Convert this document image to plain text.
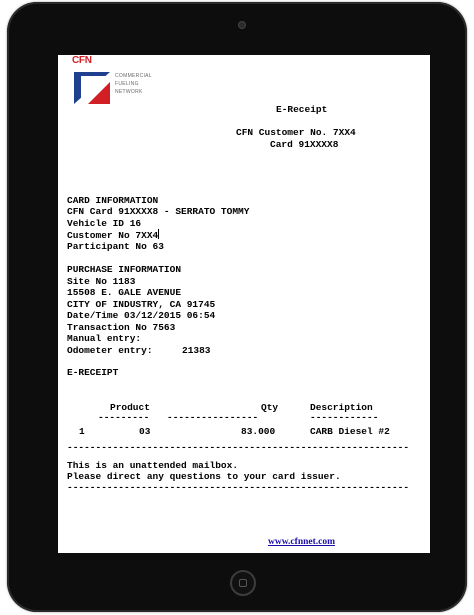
CFN
COMMERCIAL
FUELING
NETWORK
E-Receipt
CFN Customer No. 7XX4
Card 91XXXX8
CARD INFORMATION
CFN Card 91XXXX8 - SERRATO TOMMY
Vehicle ID 16
Customer No 7XX4
Participant No 63
PURCHASE INFORMATION
Site No 1183
15508 E. GALE AVENUE
CITY OF INDUSTRY, CA 91745
Date/Time 03/12/2015 06:54
Transaction No 7563
Manual entry:
Odometer entry:	21383
E-RECEIPT
Product	Qty	Description
--------- ----------------	------------
1	03	83.000	CARB Diesel #2
------------------------------------------------------------
This is an unattended mailbox.
Please direct any questions to your card issuer.
------------------------------------------------------------
www.cfnnet.com
